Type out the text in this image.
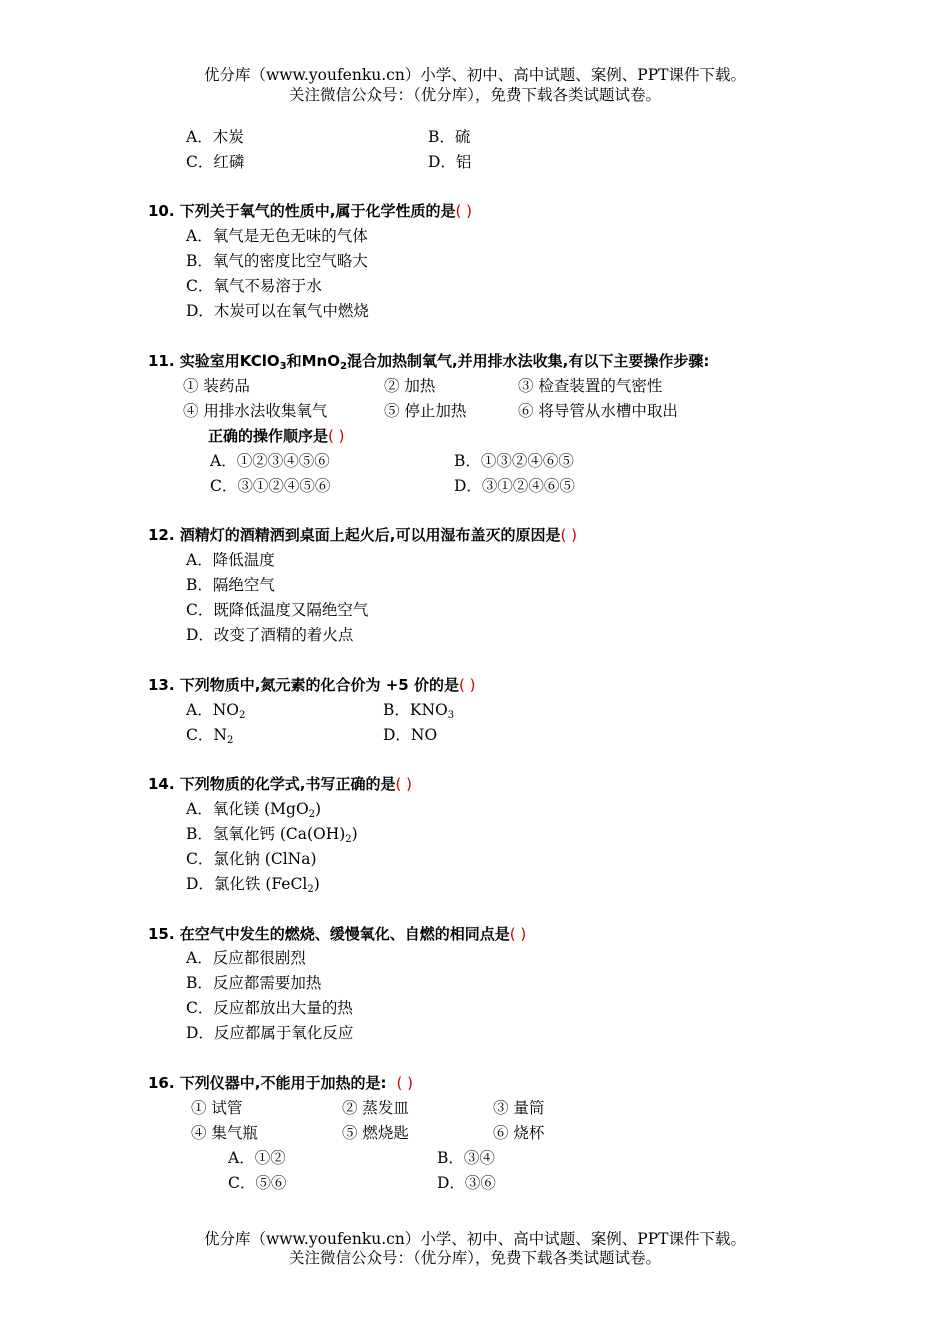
优分库（www.youfenku.cn）小学、初中、高中试题、案例、PPT课件下载。
关注微信公众号：（优分库），免费下载各类试题试卷。
A．木炭	B．硫
C．红磷	D．铝
10. 下列关于氧气的性质中,属于化学性质的是( )
A．氧气是无色无味的气体
B．氧气的密度比空气略大
C．氧气不易溶于水
D．木炭可以在氧气中燃烧
11. 实验室用KClO$_3$和MnO$_2$混合加热制氧气,并用排水法收集,有以下主要操作步骤:
① 装药品	② 加热	③ 检查装置的气密性
④ 用排水法收集氧气	⑤ 停止加热	⑥ 将导管从水槽中取出
正确的操作顺序是( )
A．①②③④⑤⑥	B．①③②④⑥⑤
C．③①②④⑤⑥	D．③①②④⑥⑤
12. 酒精灯的酒精洒到桌面上起火后,可以用湿布盖灭的原因是( )
A．降低温度
B．隔绝空气
C．既降低温度又隔绝空气
D．改变了酒精的着火点
13. 下列物质中,氮元素的化合价为 +5 价的是( )
A．$NO_2$	B．$KNO_3$
C．$N_2$	D．NO
14. 下列物质的化学式,书写正确的是( )
A．氧化镁 (MgO$_2$)
B．氢氧化钙 $(Ca(OH)_2)$
C．氯化钠 (ClNa)
D．氯化铁 (FeCl$_2$)
15. 在空气中发生的燃烧、缓慢氧化、自燃的相同点是( )
A．反应都很剧烈
B．反应都需要加热
C．反应都放出大量的热
D．反应都属于氧化反应
16. 下列仪器中,不能用于加热的是: ( )
① 试管	② 蒸发皿	③ 量筒
④ 集气瓶	⑤ 燃烧匙	⑥ 烧杯
A．①②	B．③④
C．⑤⑥	D．③⑥
优分库（www.youfenku.cn）小学、初中、高中试题、案例、PPT课件下载。
关注微信公众号：（优分库），免费下载各类试题试卷。
